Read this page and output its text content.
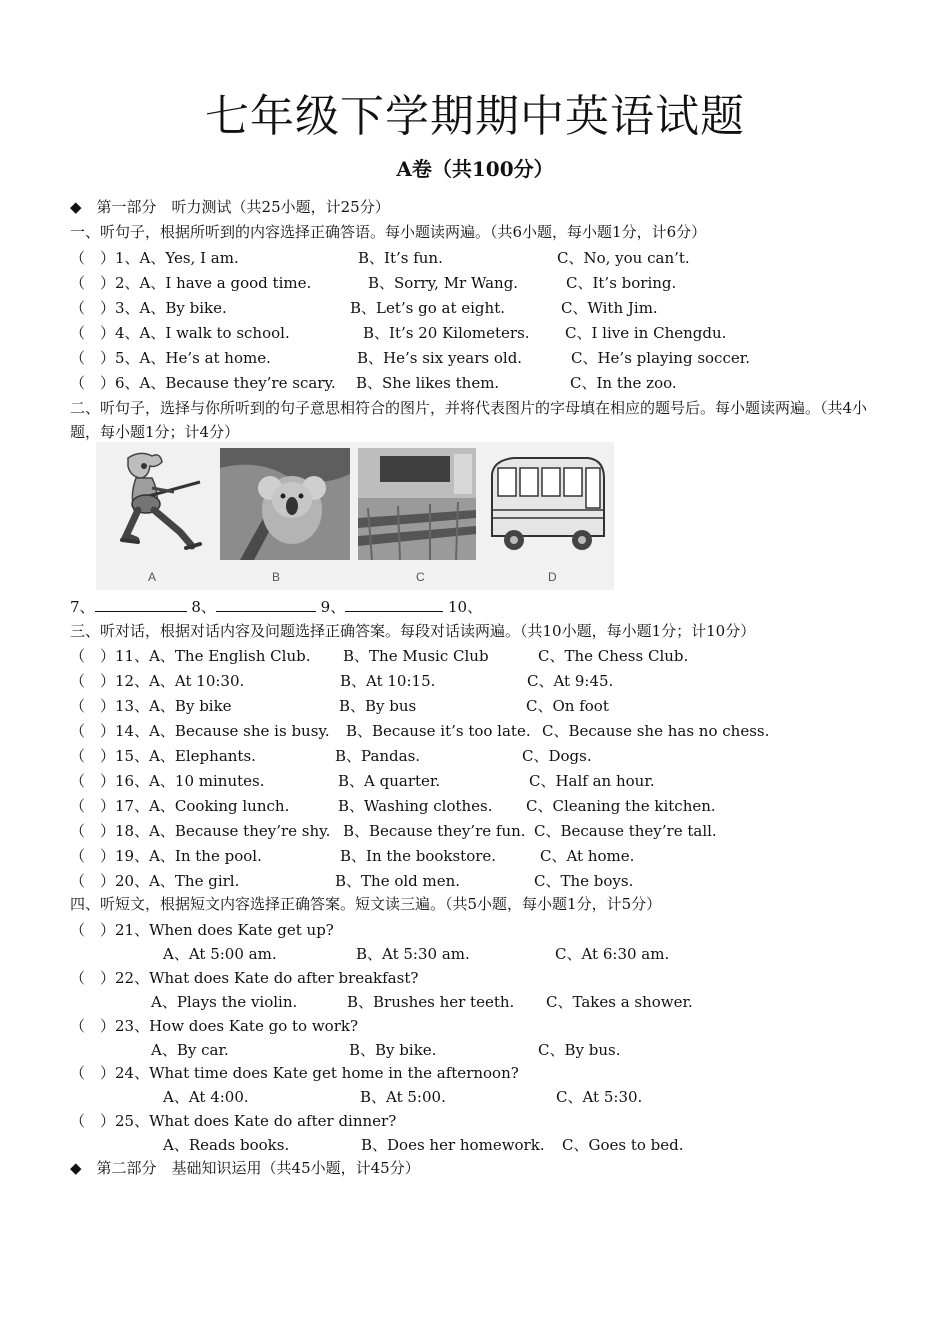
七年级下学期期中英语试题
A卷（共100分）
◆　第一部分　听力测试（共25小题，计25分）
一、听句子，根据所听到的内容选择正确答语。每小题读两遍。（共6小题，每小题1分，计6分）
（　）1、A、Yes, I am.	B、It’s fun.	C、No, you can’t.
（　）2、A、I have a good time.	B、Sorry, Mr Wang.	C、It’s boring.
（　）3、A、By bike.	B、Let’s go at eight.	C、With Jim.
（　）4、A、I walk to school.	B、It’s 20 Kilometers. C、I live in Chengdu.
（　）5、A、He’s at home.	B、He’s six years old.	C、He’s playing soccer.
（　）6、A、Because they’re scary. B、She likes them.	C、In the zoo.
二、听句子，选择与你所听到的句子意思相符合的图片，并将代表图片的字母填在相应的题号后。每小题读两遍。（共4小题，每小题1分；计4分）
A	B	C	D
7、	8、	9、	10、
三、听对话，根据对话内容及问题选择正确答案。每段对话读两遍。（共10小题，每小题1分；计10分）
（　）11、A、The English Club. B、The Music Club	C、The Chess Club.
（　）12、A、At 10:30.	B、At 10:15.	C、At 9:45.
（　）13、A、By bike	B、By bus	C、On foot
（　）14、A、Because she is busy. B、Because it’s too late. C、Because she has no chess.
（　）15、A、Elephants.	B、Pandas.	C、Dogs.
（　）16、A、10 minutes.	B、A quarter.	C、Half an hour.
（　）17、A、Cooking lunch.	B、Washing clothes. C、Cleaning the kitchen.
（　）18、A、Because they’re shy. B、Because they’re fun. C、Because they’re tall.
（　）19、A、In the pool.	B、In the bookstore.	C、At home.
（　）20、A、The girl.	B、The old men.	C、The boys.
四、听短文，根据短文内容选择正确答案。短文读三遍。（共5小题，每小题1分，计5分）
（　）21、When does Kate get up?
A、At 5:00 am.	B、At 5:30 am.	C、At 6:30 am.
（　）22、What does Kate do after breakfast?
A、Plays the violin.	B、Brushes her teeth. C、Takes a shower.
（　）23、How does Kate go to work?
A、By car.	B、By bike.	C、By bus.
（　）24、What time does Kate get home in the afternoon?
A、At 4:00.	B、At 5:00.	C、At 5:30.
（　）25、What does Kate do after dinner?
A、Reads books.	B、Does her homework. C、Goes to bed.
◆　第二部分　基础知识运用（共45小题，计45分）
